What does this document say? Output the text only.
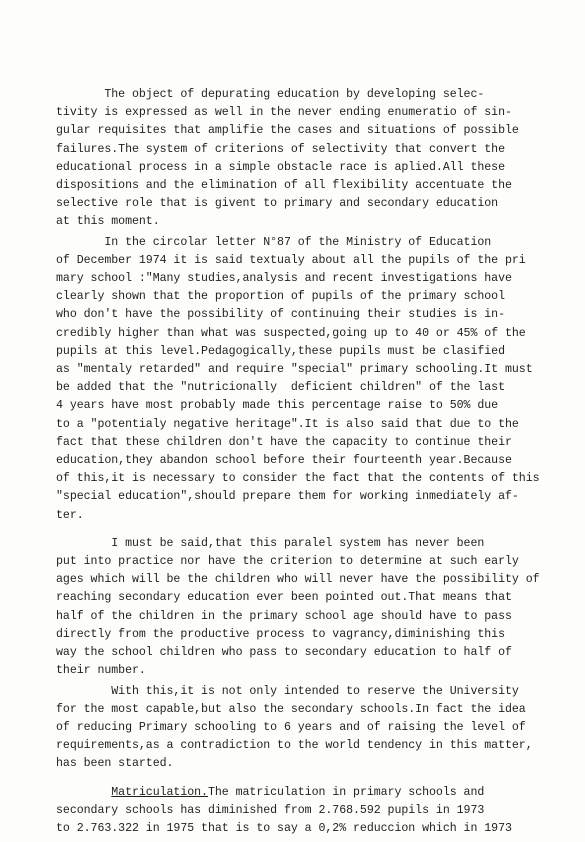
The object of depurating education by developing selec-
tivity is expressed as well in the never ending enumeratio of sin-
gular requisites that amplifie the cases and situations of possible
failures.The system of criterions of selectivity that convert the
educational process in a simple obstacle race is aplied.All these
dispositions and the elimination of all flexibility accentuate the
selective role that is givent to primary and secondary education
at this moment.
In the circolar letter N°87 of the Ministry of Education
of December 1974 it is said textualy about all the pupils of the pri
mary school :"Many studies,analysis and recent investigations have
clearly shown that the proportion of pupils of the primary school
who don't have the possibility of continuing their studies is in-
credibly higher than what was suspected,going up to 40 or 45% of the
pupils at this level.Pedagogically,these pupils must be clasified
as "mentaly retarded" and require "special" primary schooling.It must
be added that the "nutricionally  deficient children" of the last
4 years have most probably made this percentage raise to 50% due
to a "potentialy negative heritage".It is also said that due to the
fact that these children don't have the capacity to continue their
education,they abandon school before their fourteenth year.Because
of this,it is necessary to consider the fact that the contents of this
"special education",should prepare them for working inmediately af-
ter.
I must be said,that this paralel system has never been
put into practice nor have the criterion to determine at such early
ages which will be the children who will never have the possibility of
reaching secondary education ever been pointed out.That means that
half of the children in the primary school age should have to pass
directly from the productive process to vagrancy,diminishing this
way the school children who pass to secondary education to half of
their number.
With this,it is not only intended to reserve the University
for the most capable,but also the secondary schools.In fact the idea
of reducing Primary schooling to 6 years and of raising the level of
requirements,as a contradiction to the world tendency in this matter,
has been started.
Matriculation.The matriculation in primary schools and
secondary schools has diminished from 2.768.592 pupils in 1973
to 2.763.322 in 1975 that is to say a 0,2% reduccion which in 1973
